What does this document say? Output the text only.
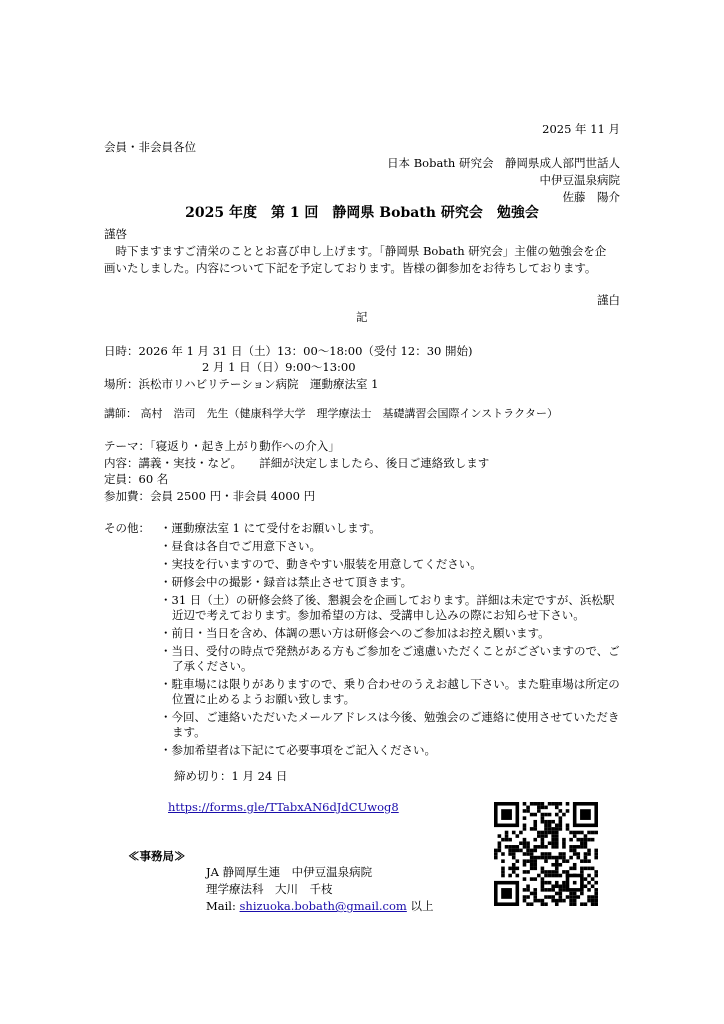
2025 年 11 月
会員・非会員各位
日本 Bobath 研究会　静岡県成人部門世話人
中伊豆温泉病院
佐藤　陽介
2025 年度　第 1 回　静岡県 Bobath 研究会　勉強会
謹啓
時下ますますご清栄のこととお喜び申し上げます。「静岡県 Bobath 研究会」主催の勉強会を企画いたしました。内容について下記を予定しております。皆様の御参加をお待ちしております。
謹白
記
日時：2026 年 1 月 31 日（土）13：00～18:00（受付 12：30 開始)
2 月 1 日（日）9:00～13:00
場所：浜松市リハビリテーション病院　運動療法室 1
講師： 高村　浩司　先生（健康科学大学　理学療法士　基礎講習会国際インストラクター）
テーマ：「寝返り・起き上がり動作への介入」
内容：講義・実技・など。　　詳細が決定しましたら、後日ご連絡致します
定員：60 名
参加費：会員 2500 円・非会員 4000 円
その他： ・運動療法室 1 にて受付をお願いします。
・昼食は各自でご用意下さい。
・実技を行いますので、動きやすい服装を用意してください。
・研修会中の撮影・録音は禁止させて頂きます。
・31 日（土）の研修会終了後、懇親会を企画しております。詳細は未定ですが、浜松駅近辺で考えております。参加希望の方は、受講申し込みの際にお知らせ下さい。
・前日・当日を含め、体調の悪い方は研修会へのご参加はお控え願います。
・当日、受付の時点で発熱がある方もご参加をご遠慮いただくことがございますので、ご了承ください。
・駐車場には限りがありますので、乗り合わせのうえお越し下さい。また駐車場は所定の位置に止めるようお願い致します。
・今回、ご連絡いただいたメールアドレスは今後、勉強会のご連絡に使用させていただきます。
・参加希望者は下記にて必要事項をご記入ください。
締め切り：1 月 24 日
https://forms.gle/TTabxAN6dJdCUwog8
≪事務局≫
JA 静岡厚生連　中伊豆温泉病院
理学療法科　大川　千枝
Mail: shizuoka.bobath@gmail.com 以上
